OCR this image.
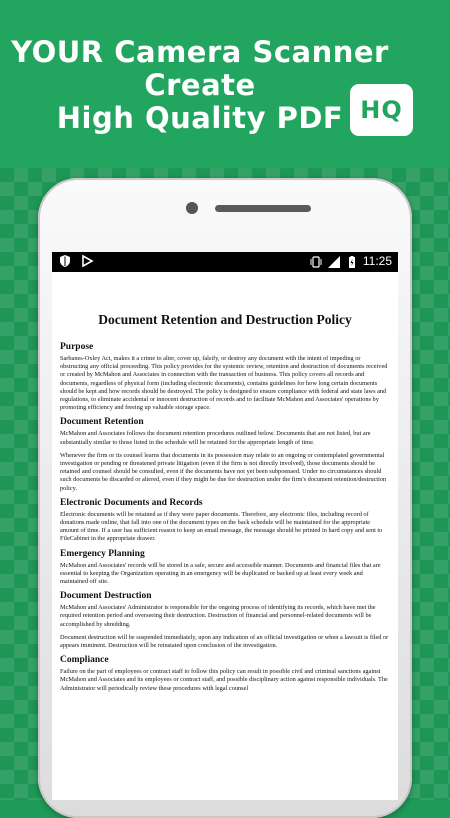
YOUR Camera Scanner
Create
High Quality PDF HQ
11:25
Document Retention and Destruction Policy
Purpose
Sarbanes-Oxley Act, makes it a crime to alter, cover up, falsify, or destroy any document with the intent of impeding or obstructing any official proceeding. This policy provides for the systemic review, retention and destruction of documents received or created by McMahon and Associates in connection with the transaction of business. This policy covers all records and documents, regardless of physical form (including electronic documents), contains guidelines for how long certain documents should be kept and how records should be destroyed. The policy is designed to ensure compliance with federal and state laws and regulations, to eliminate accidental or innocent destruction of records and to facilitate McMahon and Associates' operations by promoting efficiency and freeing up valuable storage space.
Document Retention
McMahon and Associates follows the document retention procedures outlined below. Documents that are not listed, but are substantially similar to those listed in the schedule will be retained for the appropriate length of time.
Whenever the firm or its counsel learns that documents in its possession may relate to an ongoing or contemplated governmental investigation or pending or threatened private litigation (even if the firm is not directly involved), those documents should be retained and counsel should be consulted, even if the documents have not yet been subpoenaed. Under no circumstances should such documents be discarded or altered, even if they might be due for destruction under the firm's document retention/destruction policy.
Electronic Documents and Records
Electronic documents will be retained as if they were paper documents. Therefore, any electronic files, including record of donations made online, that fall into one of the document types on the back schedule will be maintained for the appropriate amount of time. If a user has sufficient reason to keep an email message, the message should be printed in hard copy and sent to FileCabinet in the appropriate drawer.
Emergency Planning
McMahon and Associates' records will be stored in a safe, secure and accessible manner. Documents and financial files that are essential to keeping the Organization operating in an emergency will be duplicated or backed up at least every week and maintained off site.
Document Destruction
McMahon and Associates' Administrator is responsible for the ongoing process of identifying its records, which have met the required retention period and overseeing their destruction. Destruction of financial and personnel-related documents will be accomplished by shredding.
Document destruction will be suspended immediately, upon any indication of an official investigation or when a lawsuit is filed or appears imminent. Destruction will be reinstated upon conclusion of the investigation.
Compliance
Failure on the part of employees or contract staff to follow this policy can result in possible civil and criminal sanctions against McMahon and Associates and its employees or contract staff, and possible disciplinary action against responsible individuals. The Administrator will periodically review these procedures with legal counsel
